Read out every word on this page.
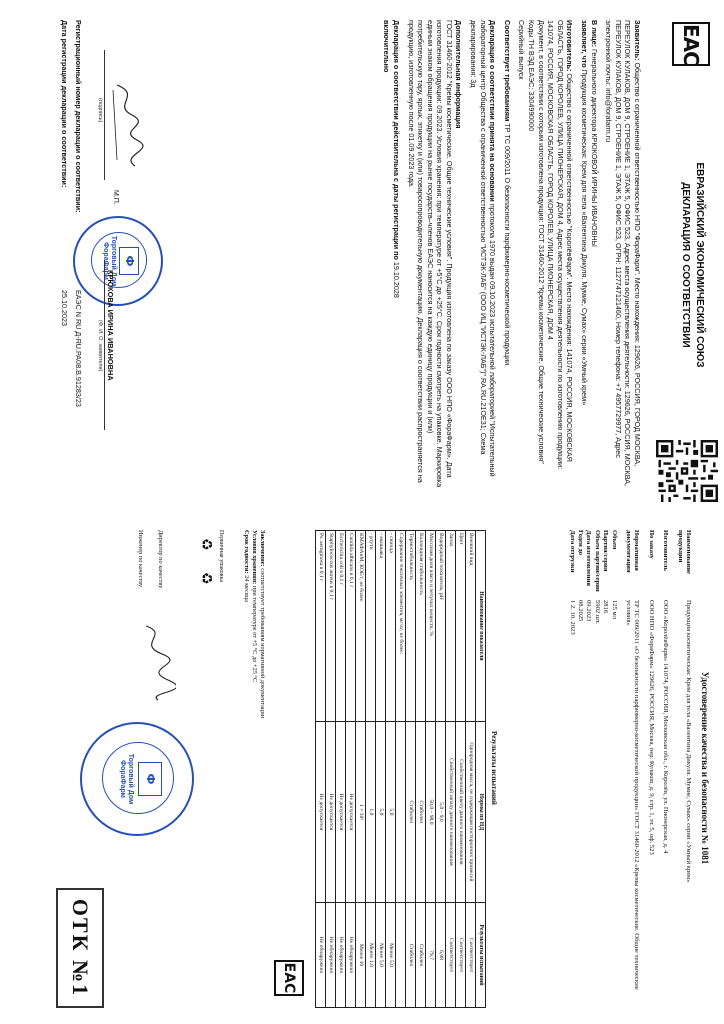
ЕАС
ЕВРАЗИЙСКИЙ ЭКОНОМИЧЕСКИЙ СОЮЗ
ДЕКЛАРАЦИЯ О СООТВЕТСТВИИ

Заявитель: Общество с ограниченной ответственностью НПО "ФораФарм". Место нахождения: 129626, РОССИЯ, ГОРОД МОСКВА, ПЕРЕУЛОК КУЛАКОВ, ДОМ 9, СТРОЕНИЕ 1, ЭТАЖ 5, ОФИС 523, Адрес места осуществления деятельности: 129626, РОССИЯ, МОСКВА, ПЕРЕУЛОК КУЛАКОВ, ДОМ 9, СТРОЕНИЕ 1, ЭТАЖ 5, ОФИС 523, ОГРН: 1127747121460, Номер телефона: +7 4957729977, Адрес электронной почты: info@forafarm.ru

В лице: Генерального директора КРЮКОВОЙ ИРИНЫ ИВАНОВНЫ
заявляет, что Продукция косметическая: Крем для тела «Валентина Дикуля. Мумие, Сумах» серии «Умный крем»

Изготовитель: Общество с ограниченной ответственностью "КоролёвФарм". Место нахождения: 141074, РОССИЯ, МОСКОВСКАЯ ОБЛАСТЬ, ГОРОД КОРОЛЕВ, УЛИЦА ПИОНЕРСКАЯ, ДОМ 4, Адрес места осуществления деятельности по изготовлению продукции: 141074, РОССИЯ, МОСКОВСКАЯ ОБЛАСТЬ, ГОРОД КОРОЛЕВ, УЛИЦА ПИОНЕРСКАЯ, ДОМ 4
Документ, в соответствии с которым изготовлена продукция: ГОСТ 31460-2012 "Кремы косметические. Общие технические условия"
Коды ТН ВЭД ЕАЭС: 3304990000
Серийный выпуск

Соответствует требованиям ТР ТС 009/2011 О безопасности парфюмерно-косметической продукции

Декларация о соответствии принята на основании протокола 1970 выдан 09.10.2023 испытательной лабораторией "Испытательный лабораторный центр Общества с ограниченной ответственностью "ИСТЭК-ЛАБ" (ООО ИЦ "ИСТЭК-ЛАБ")" RA.RU.21ОЕ31; Схема декларирования: 3д

Дополнительная информация
ГОСТ 31460-2012 "Кремы косметические. Общие технические условия". Продукция изготовлена по заказу ООО НПО «ФораФарм». Дата изготовления продукции: 09.2023. Условия хранения: при температуре от +5°С до +25°С. Срок годности смотреть на упаковке. Маркировка единым знаком обращения продукции на рынке государств–членов ЕАЭС наносится на каждую единицу продукции и (или) потребительскую тару, ярлык, этикетку и (или) товаросопроводительную документацию. Декларация о соответствии распространяется на продукцию, изготовленную после 01.09.2023 года.

Декларация о соответствии действительна с даты регистрации по 19.10.2028
включительно

Ф
Торговый Дом ФораФарм
(подпись)
М.П.
КРЮКОВА ИРИНА ИВАНОВНА
(Ф. И. О. заявителя)
Регистрационный номер декларации о соответствии:
ЕАЭС N RU Д-RU.РА08.В.91283/23
Дата регистрации декларации о соответствии:
25.10.2023
Удостоверение качества и безопасности № 1081
Наименование продукции
Продукция косметическая: Крем для тела «Валентина Дикуля. Мумие, Сумах» серии «Умный крем»
Изготовитель
ООО «КоролёвФарм» 141074, РОССИЯ, Московская обл., г. Королёв, ул. Пионерская, д. 4
По заказу
ООО НПО «ФораФарм» 129626, РОССИЯ, Москва, пер. Кулаков, д. 9, стр. 1, эт. 5, оф. 523
Нормативная документация
ТР ТС 009/2011 «О безопасности парфюмерно-косметической продукции» ГОСТ 31460-2012 «Кремы косметические. Общие технические условия»
Объем
125 мл
Партия/серия
2816
Объем партии/серии
5902 шт.
Дата изготовления
09.2023
Годен до
08.2025
Дата отгрузки
1 2. 10. 2023
ЕАС
Результаты испытаний
Наименование показателя	Нормы по НД	Результаты испытаний
Внешний вид	Однородная масса, не содержащая посторонних примесей	Соответствует
Цвет	Свойственный цвету данного наименования	Соответствует
Запах	Свойственный запаху данного наименования	Соответствует
Водородный показатель, pH	5,0 – 9,0	6,08
Массовая доля влаги и летучих веществ, %	50,0 – 98,0	79,7
Коллоидная стабильность	Стабилен	Стабилен
Термостабильность	Стабилен	Стабилен
Содержание токсичных элементов, мг/кг, не более:		
- свинца	5,0	Менее 5,0
- мышьяка	5,0	Менее 5,0
- ртути	1,0	Менее 1,0
КМАФАнМ, КОЕ/г, не более	1 × 10³	Менее 10
Candida albicans в 0,1 г	Не допускается	Не обнаружено
Escherichia coli в 0,1 г	Не допускается	Не обнаружено
Staphylococcus aureus в 0,1 г	Не допускается	Не обнаружено
Ps. aeruginosa в 0,1 г	Не допускается	Не обнаружено

Заключение: соответствует требованиям нормативной документации

Условия хранения: при температуре от +5 °С до +25 °С

Срок годности: 24 месяца

Первичная упаковка
♻
♻
Директор по качеству
Инженер по качеству
Ф
Торговый Дом ФораФарм
ОТК №1
